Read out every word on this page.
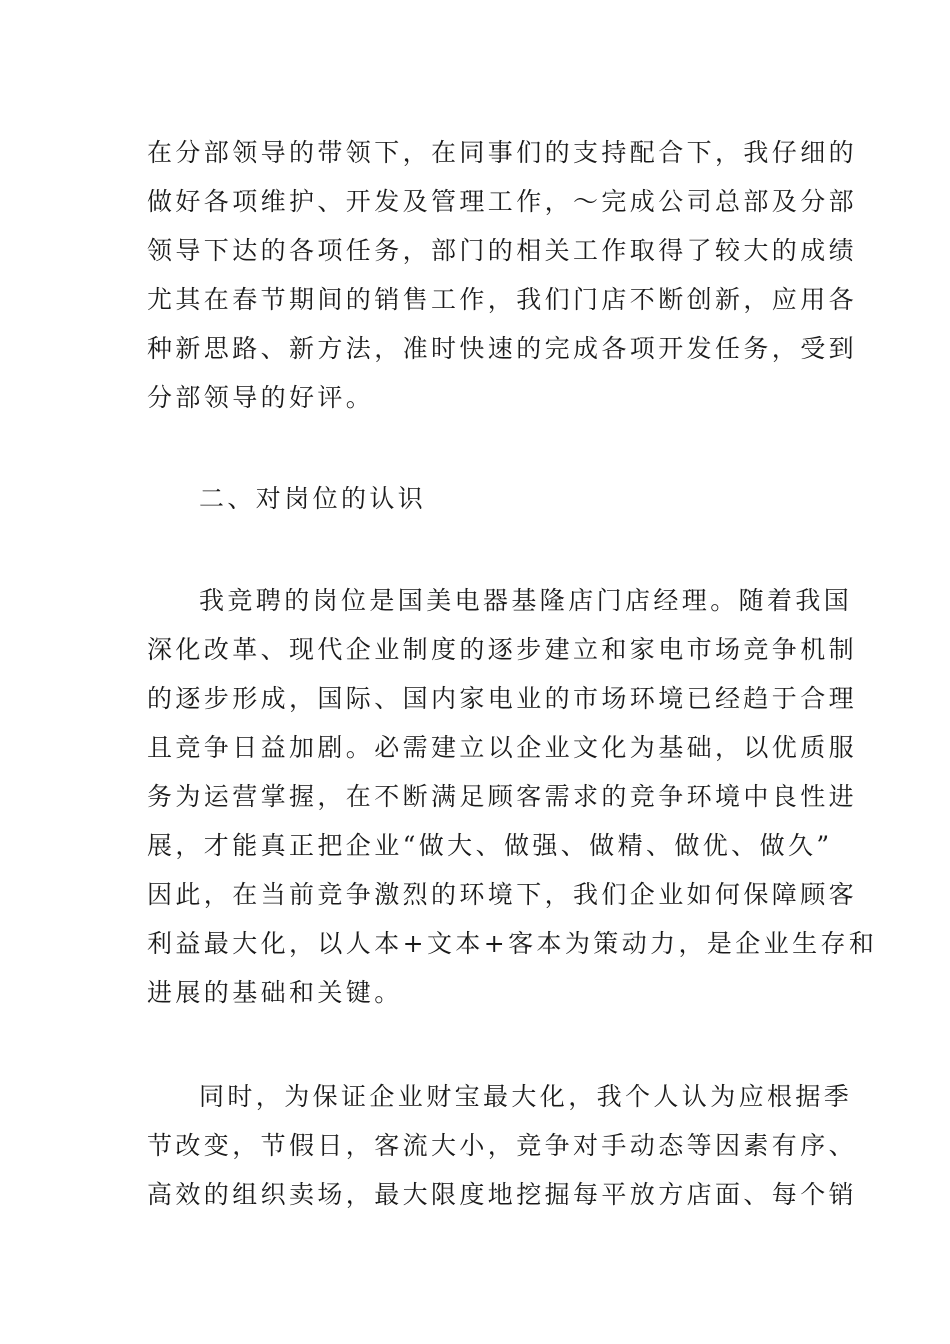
在分部领导的带领下，在同事们的支持配合下，我仔细的
做好各项维护、开发及管理工作，～完成公司总部及分部
领导下达的各项任务，部门的相关工作取得了较大的成绩
尤其在春节期间的销售工作，我们门店不断创新，应用各
种新思路、新方法，准时快速的完成各项开发任务，受到
分部领导的好评。
二、对岗位的认识
我竞聘的岗位是国美电器基隆店门店经理。随着我国
深化改革、现代企业制度的逐步建立和家电市场竞争机制
的逐步形成，国际、国内家电业的市场环境已经趋于合理
且竞争日益加剧。必需建立以企业文化为基础，以优质服
务为运营掌握，在不断满足顾客需求的竞争环境中良性进
展，才能真正把企业“做大、做强、做精、做优、做久”
因此，在当前竞争激烈的环境下，我们企业如何保障顾客
利益最大化，以人本+文本+客本为策动力，是企业生存和
进展的基础和关键。
同时，为保证企业财宝最大化，我个人认为应根据季
节改变，节假日，客流大小，竞争对手动态等因素有序、
高效的组织卖场，最大限度地挖掘每平放方店面、每个销
